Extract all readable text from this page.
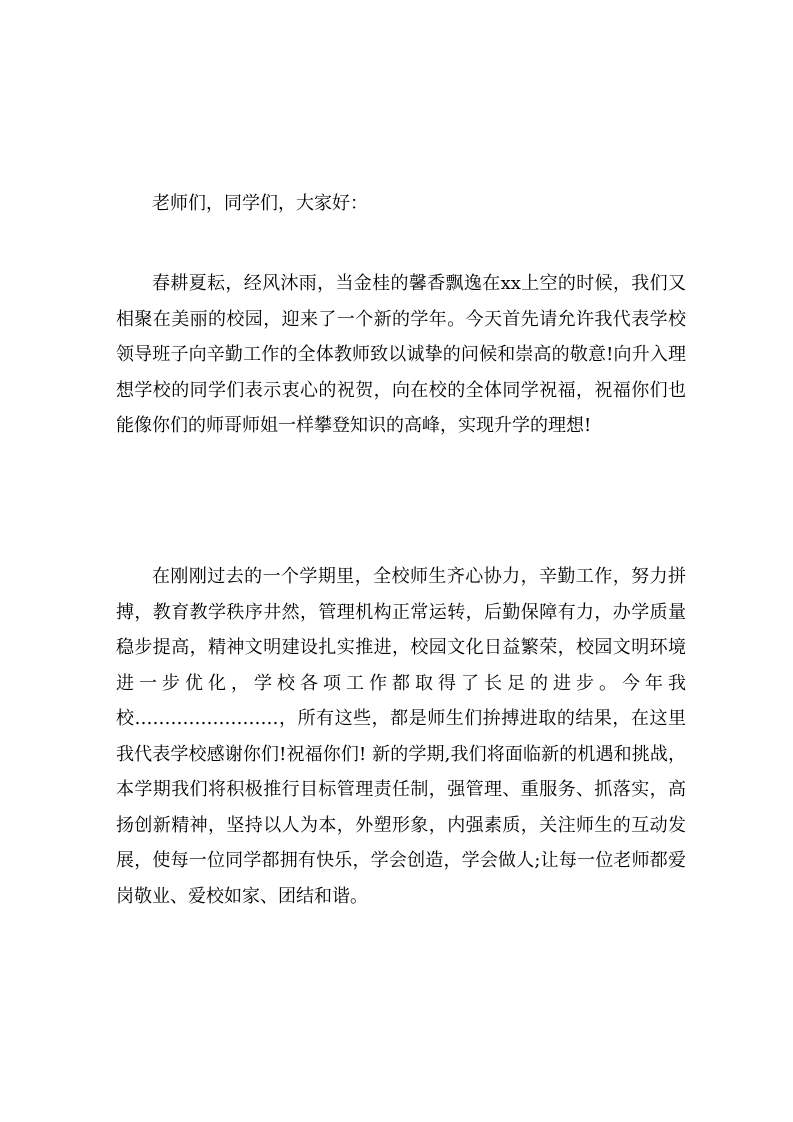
老师们，同学们，大家好：

春耕夏耘，经风沐雨，当金桂的馨香飘逸在xx上空的时候，我们又相聚在美丽的校园，迎来了一个新的学年。今天首先请允许我代表学校领导班子向辛勤工作的全体教师致以诚挚的问候和崇高的敬意!向升入理想学校的同学们表示衷心的祝贺，向在校的全体同学祝福，祝福你们也能像你们的师哥师姐一样攀登知识的高峰，实现升学的理想!

在刚刚过去的一个学期里，全校师生齐心协力，辛勤工作，努力拼搏，教育教学秩序井然，管理机构正常运转，后勤保障有力，办学质量稳步提高，精神文明建设扎实推进，校园文化日益繁荣，校园文明环境进一步优化，学校各项工作都取得了长足的进步。今年我校……………………，所有这些，都是师生们拚搏进取的结果，在这里我代表学校感谢你们!祝福你们! 新的学期,我们将面临新的机遇和挑战，本学期我们将积极推行目标管理责任制，强管理、重服务、抓落实，高扬创新精神，坚持以人为本，外塑形象，内强素质，关注师生的互动发展，使每一位同学都拥有快乐，学会创造，学会做人;让每一位老师都爱岗敬业、爱校如家、团结和谐。
